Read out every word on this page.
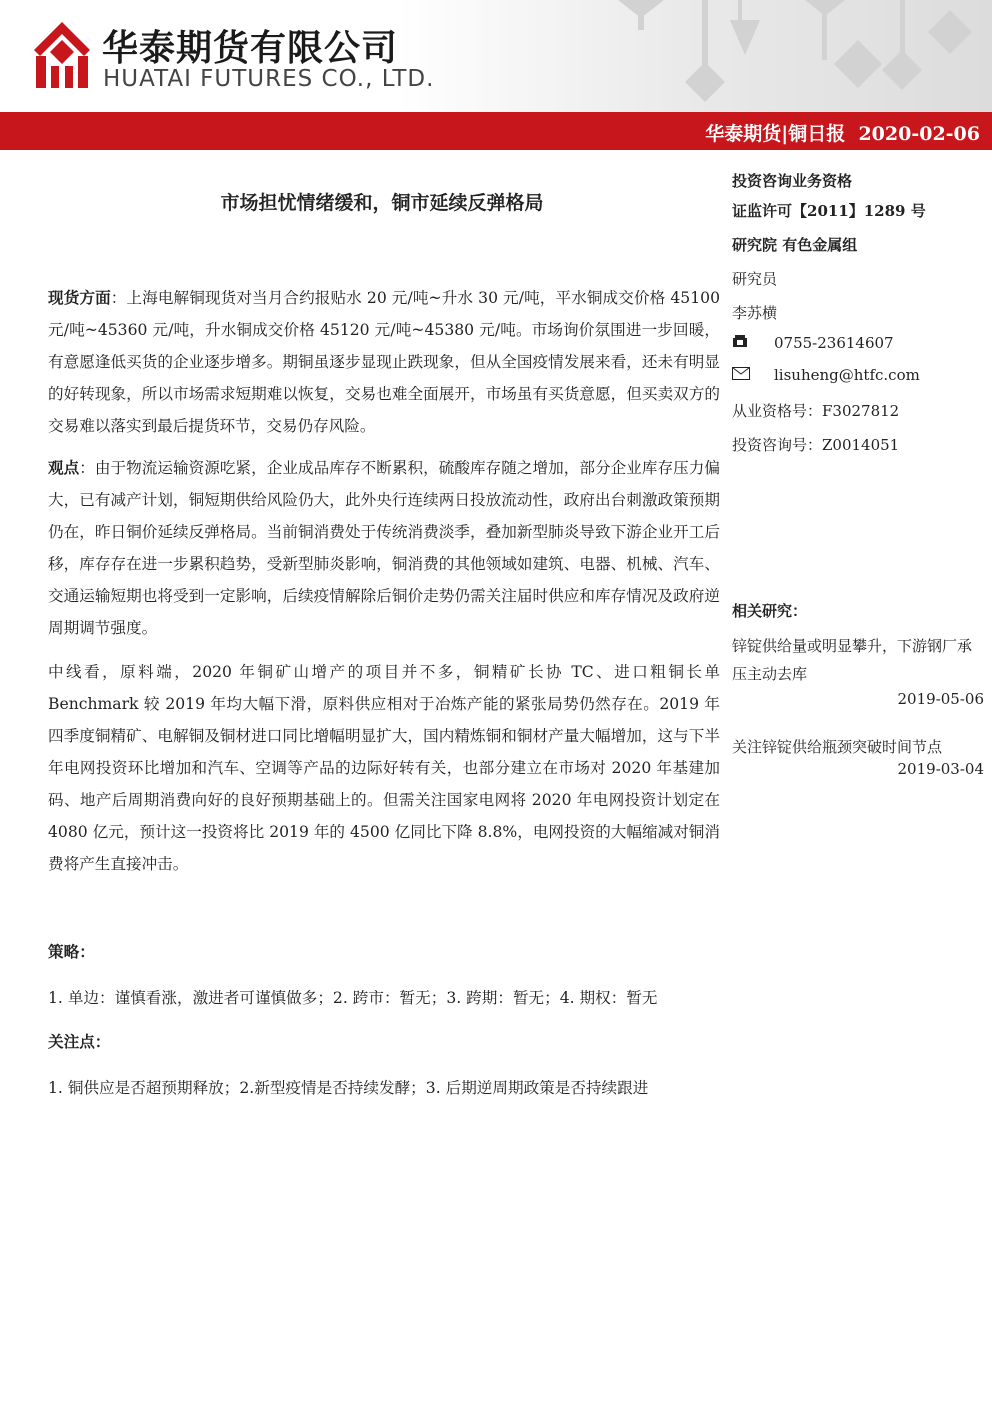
华泰期货有限公司
HUATAI FUTURES CO., LTD.
华泰期货|铜日报 2020-02-06
市场担忧情绪缓和，铜市延续反弹格局
现货方面：上海电解铜现货对当月合约报贴水 20 元/吨~升水 30 元/吨，平水铜成交价格 45100 元/吨~45360 元/吨，升水铜成交价格 45120 元/吨~45380 元/吨。市场询价氛围进一步回暖，有意愿逢低买货的企业逐步增多。期铜虽逐步显现止跌现象，但从全国疫情发展来看，还未有明显的好转现象，所以市场需求短期难以恢复，交易也难全面展开，市场虽有买货意愿，但买卖双方的交易难以落实到最后提货环节，交易仍存风险。
观点：由于物流运输资源吃紧，企业成品库存不断累积，硫酸库存随之增加，部分企业库存压力偏大，已有减产计划，铜短期供给风险仍大，此外央行连续两日投放流动性，政府出台刺激政策预期仍在，昨日铜价延续反弹格局。当前铜消费处于传统消费淡季，叠加新型肺炎导致下游企业开工后移，库存存在进一步累积趋势，受新型肺炎影响，铜消费的其他领域如建筑、电器、机械、汽车、交通运输短期也将受到一定影响，后续疫情解除后铜价走势仍需关注届时供应和库存情况及政府逆周期调节强度。
中线看，原料端，2020 年铜矿山增产的项目并不多，铜精矿长协 TC、进口粗铜长单 Benchmark 较 2019 年均大幅下滑，原料供应相对于冶炼产能的紧张局势仍然存在。2019 年四季度铜精矿、电解铜及铜材进口同比增幅明显扩大，国内精炼铜和铜材产量大幅增加，这与下半年电网投资环比增加和汽车、空调等产品的边际好转有关，也部分建立在市场对 2020 年基建加码、地产后周期消费向好的良好预期基础上的。但需关注国家电网将 2020 年电网投资计划定在 4080 亿元，预计这一投资将比 2019 年的 4500 亿同比下降 8.8%，电网投资的大幅缩减对铜消费将产生直接冲击。
策略：
1. 单边：谨慎看涨，激进者可谨慎做多；2. 跨市：暂无；3. 跨期：暂无；4. 期权：暂无
关注点：
1. 铜供应是否超预期释放；2.新型疫情是否持续发酵；3. 后期逆周期政策是否持续跟进
投资咨询业务资格
证监许可【2011】1289 号
研究院 有色金属组
研究员
李苏横
0755-23614607
lisuheng@htfc.com
从业资格号：F3027812
投资咨询号：Z0014051
相关研究：
锌锭供给量或明显攀升，下游钢厂承压主动去库
2019-05-06
关注锌锭供给瓶颈突破时间节点
2019-03-04
